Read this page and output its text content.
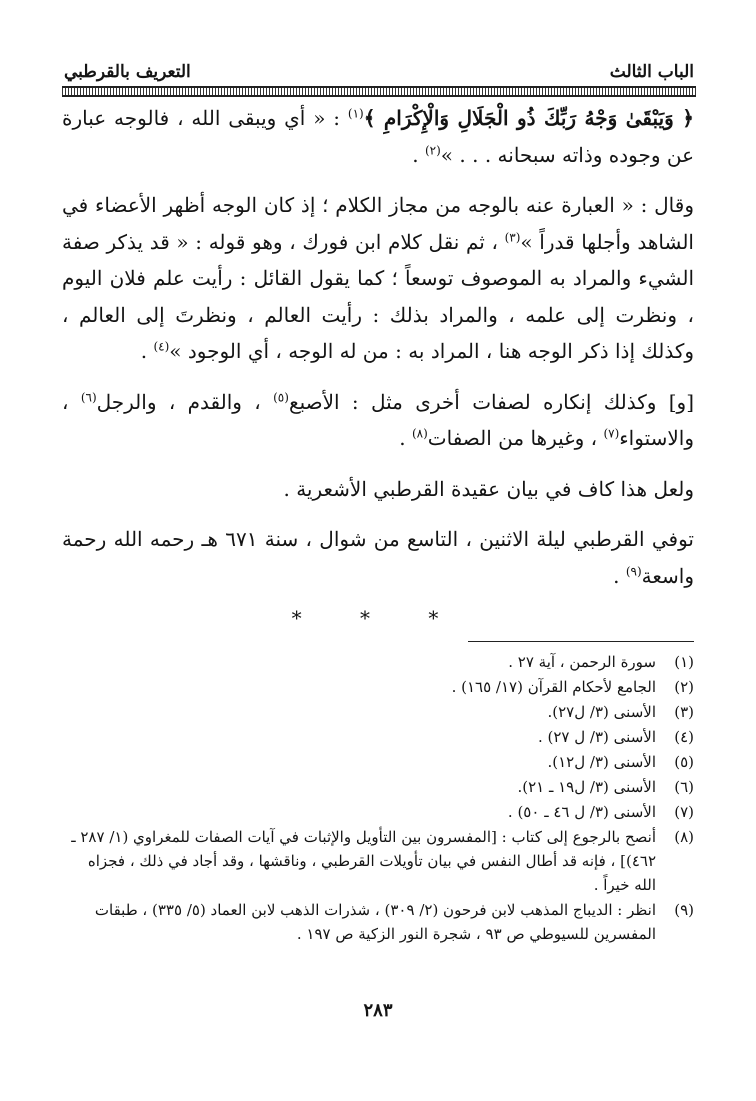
الباب الثالث
التعريف بالقرطبي

﴿ وَيَبْقَىٰ وَجْهُ رَبِّكَ ذُو الْجَلَالِ وَالْإِكْرَامِ ﴾$^{(١)}$ : « أي ويبقى الله ، فالوجه عبارة عن وجوده وذاته سبحانه . . . »$^{(٢)}$ .

وقال : « العبارة عنه بالوجه من مجاز الكلام ؛ إذ كان الوجه أظهر الأعضاء في الشاهد وأجلها قدراً »$^{(٣)}$ ، ثم نقل كلام ابن فورك ، وهو قوله : « قد يذكر صفة الشيء والمراد به الموصوف توسعاً ؛ كما يقول القائل : رأيت علم فلان اليوم ، ونظرت إلى علمه ، والمراد بذلك : رأيت العالم ، ونظرتَ إلى العالم ، وكذلك إذا ذكر الوجه هنا ، المراد به : من له الوجه ، أي الوجود »$^{(٤)}$ .

[و] وكذلك إنكاره لصفات أخرى مثل : الأصبع$^{(٥)}$ ، والقدم ، والرجل$^{(٦)}$ ، والاستواء$^{(٧)}$ ، وغيرها من الصفات$^{(٨)}$ .

ولعل هذا كاف في بيان عقيدة القرطبي الأشعرية .

توفي القرطبي ليلة الاثنين ، التاسع من شوال ، سنة ٦٧١ هـ رحمه الله رحمة واسعة$^{(٩)}$ .

* * *
(١)
سورة الرحمن ، آية ٢٧ .
(٢)
الجامع لأحكام القرآن (١٧/ ١٦٥) .
(٣)
الأسنى (٣/ ل٢٧).
(٤)
الأسنى (٣/ ل ٢٧) .
(٥)
الأسنى (٣/ ل١٢).
(٦)
الأسنى (٣/ ل١٩ ـ ٢١).
(٧)
الأسنى (٣/ ل ٤٦ ـ ٥٠) .
(٨)
أنصح بالرجوع إلى كتاب : [المفسرون بين التأويل والإثبات في آيات الصفات للمغراوي (١/ ٢٨٧ ـ ٤٦٢)] ، فإنه قد أطال النفس في بيان تأويلات القرطبي ، وناقشها ، وقد أجاد في ذلك ، فجزاه الله خيراً .
(٩)
انظر : الديباج المذهب لابن فرحون (٢/ ٣٠٩) ، شذرات الذهب لابن العماد (٥/ ٣٣٥) ، طبقات المفسرين للسيوطي ص ٩٣ ، شجرة النور الزكية ص ١٩٧ .
٢٨٣
